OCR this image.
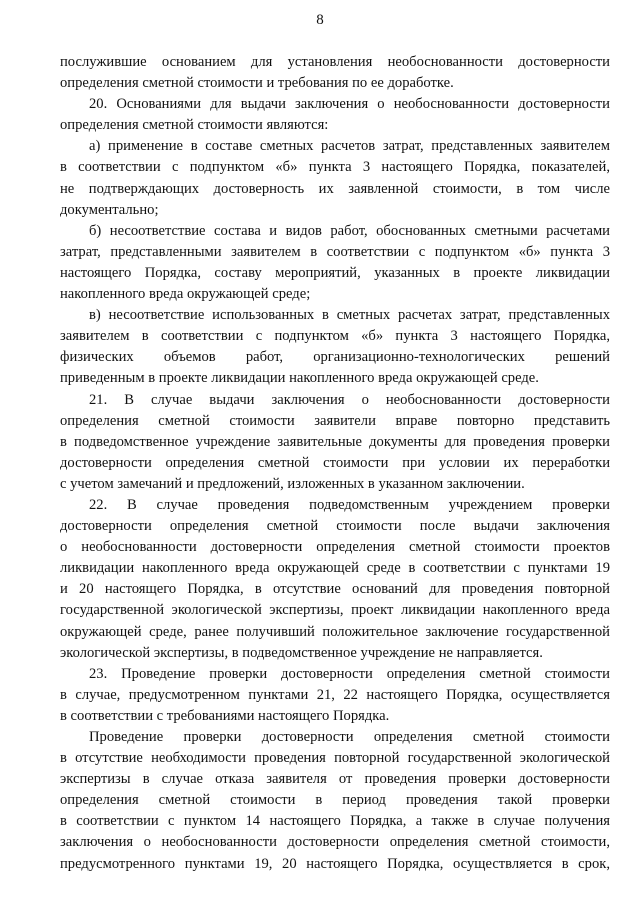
8
послужившие основанием для установления необоснованности достоверности
определения сметной стоимости и требования по ее доработке.
20. Основаниями для выдачи заключения о необоснованности достоверности
определения сметной стоимости являются:
а) применение в составе сметных расчетов затрат, представленных заявителем
в соответствии с подпунктом «б» пункта 3 настоящего Порядка, показателей,
не подтверждающих достоверность их заявленной стоимости, в том числе
документально;
б) несоответствие состава и видов работ, обоснованных сметными расчетами
затрат, представленными заявителем в соответствии с подпунктом «б» пункта 3
настоящего Порядка, составу мероприятий, указанных в проекте ликвидации
накопленного вреда окружающей среде;
в) несоответствие использованных в сметных расчетах затрат, представленных
заявителем в соответствии с подпунктом «б» пункта 3 настоящего Порядка,
физических объемов работ, организационно-технологических решений
приведенным в проекте ликвидации накопленного вреда окружающей среде.
21. В случае выдачи заключения о необоснованности достоверности
определения сметной стоимости заявители вправе повторно представить
в подведомственное учреждение заявительные документы для проведения проверки
достоверности определения сметной стоимости при условии их переработки
с учетом замечаний и предложений, изложенных в указанном заключении.
22. В случае проведения подведомственным учреждением проверки
достоверности определения сметной стоимости после выдачи заключения
о необоснованности достоверности определения сметной стоимости проектов
ликвидации накопленного вреда окружающей среде в соответствии с пунктами 19
и 20 настоящего Порядка, в отсутствие оснований для проведения повторной
государственной экологической экспертизы, проект ликвидации накопленного вреда
окружающей среде, ранее получивший положительное заключение государственной
экологической экспертизы, в подведомственное учреждение не направляется.
23. Проведение проверки достоверности определения сметной стоимости
в случае, предусмотренном пунктами 21, 22 настоящего Порядка, осуществляется
в соответствии с требованиями настоящего Порядка.
Проведение проверки достоверности определения сметной стоимости
в отсутствие необходимости проведения повторной государственной экологической
экспертизы в случае отказа заявителя от проведения проверки достоверности
определения сметной стоимости в период проведения такой проверки
в соответствии с пунктом 14 настоящего Порядка, а также в случае получения
заключения о необоснованности достоверности определения сметной стоимости,
предусмотренного пунктами 19, 20 настоящего Порядка, осуществляется в срок,
